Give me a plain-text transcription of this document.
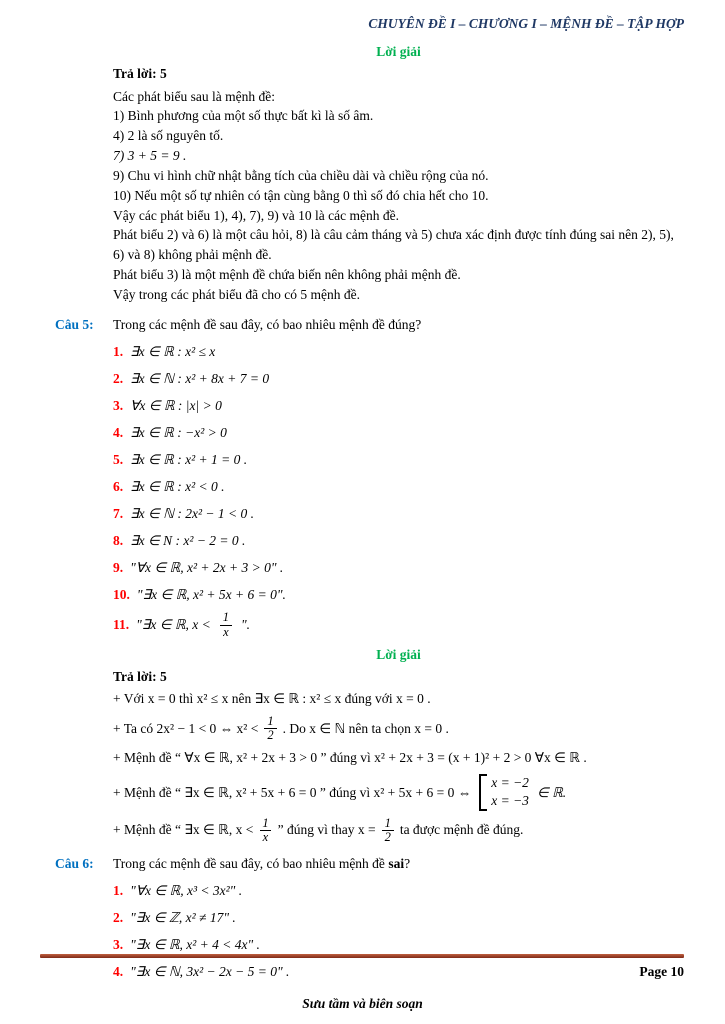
CHUYÊN ĐỀ I – CHƯƠNG I – MỆNH ĐỀ – TẬP HỢP
Lời giải
Trả lời: 5

Các phát biểu sau là mệnh đề:

1) Bình phương của một số thực bất kì là số âm.

4) 2 là số nguyên tố.

7) 3 + 5 = 9 .

9) Chu vi hình chữ nhật bằng tích của chiều dài và chiều rộng của nó.

10) Nếu một số tự nhiên có tận cùng bằng 0 thì số đó chia hết cho 10.

Vậy các phát biểu 1), 4), 7), 9) và 10 là các mệnh đề.

Phát biểu 2) và 6) là một câu hỏi, 8) là câu cảm tháng và 5) chưa xác định được tính đúng sai nên 2), 5), 6) và 8) không phải mệnh đề.

Phát biểu 3) là một mệnh đề chứa biến nên không phải mệnh đề.

Vậy trong các phát biểu đã cho có 5 mệnh đề.

Câu 5: Trong các mệnh đề sau đây, có bao nhiêu mệnh đề đúng?
1. ∃x ∈ ℝ : x² ≤ x
2. ∃x ∈ ℕ : x² + 8x + 7 = 0
3. ∀x ∈ ℝ : |x| > 0
4. ∃x ∈ ℝ : −x² > 0
5. ∃x ∈ ℝ : x² + 1 = 0 .
6. ∃x ∈ ℝ : x² < 0 .
7. ∃x ∈ ℕ : 2x² − 1 < 0 .
8. ∃x ∈ N : x² − 2 = 0 .
9. "∀x ∈ ℝ, x² + 2x + 3 > 0" .
10. "∃x ∈ ℝ, x² + 5x + 6 = 0".
11. "∃x ∈ ℝ, $x < \frac{1}{x}$ ".
Lời giải
Trả lời: 5

+ Với x = 0 thì x² ≤ x nên ∃x ∈ ℝ : x² ≤ x đúng với x = 0 .

+ Ta có 2x² − 1 < 0 ⇔ $x^2 < \frac{1}{2}$ . Do x ∈ ℕ nên ta chọn x = 0 .

+ Mệnh đề “ ∀x ∈ ℝ, x² + 2x + 3 > 0 ” đúng vì x² + 2x + 3 = (x + 1)² + 2 > 0 ∀x ∈ ℝ .

+ Mệnh đề “ ∃x ∈ ℝ, x² + 5x + 6 = 0 ” đúng vì x² + 5x + 6 = 0 ⇔
x = −2
x = −3
∈ ℝ.
+ Mệnh đề “ ∃x ∈ ℝ, $x < \frac{1}{x}$ ” đúng vì thay $x = \frac{1}{2}$ ta được mệnh đề đúng.
Câu 6: Trong các mệnh đề sau đây, có bao nhiêu mệnh đề sai?
1. "∀x ∈ ℝ, x³ < 3x²" .
2. "∃x ∈ ℤ, x² ≠ 17" .
3. "∃x ∈ ℝ, x² + 4 < 4x" .
4. "∃x ∈ ℕ, 3x² − 2x − 5 = 0" .	Page 10
Sưu tầm và biên soạn
